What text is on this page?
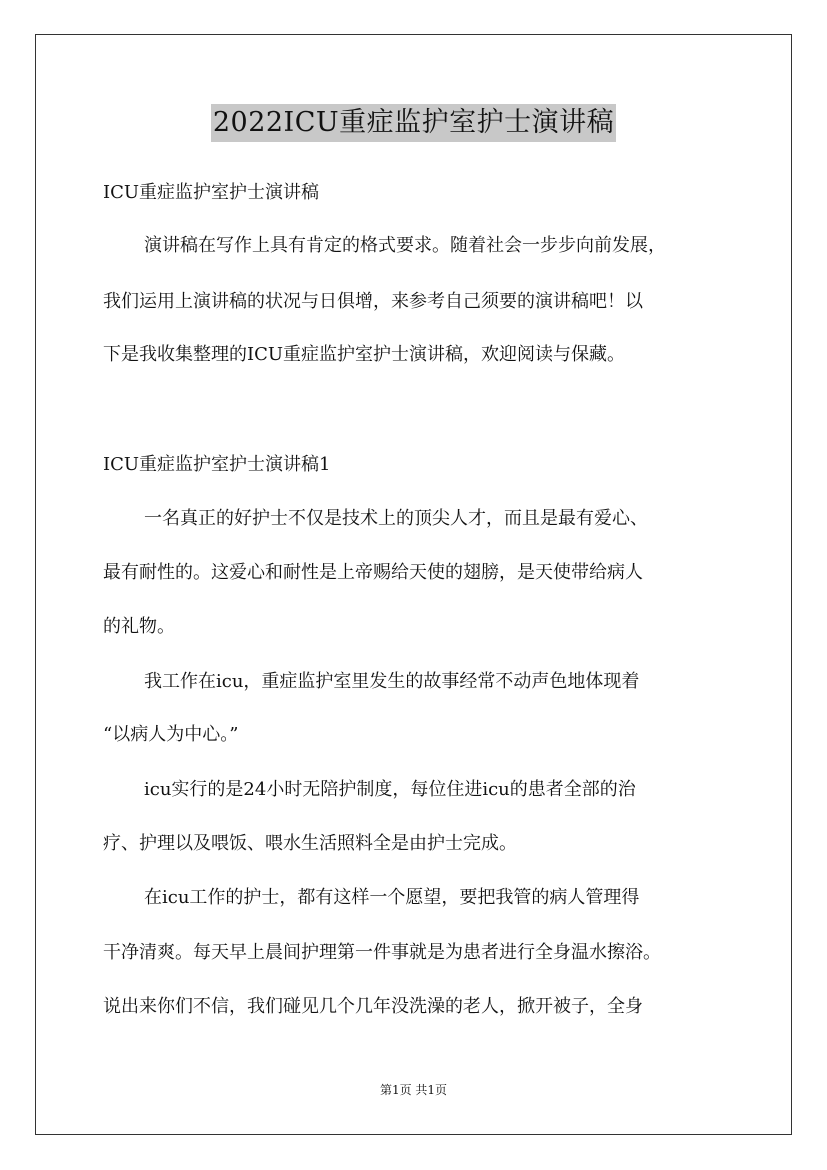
2022ICU重症监护室护士演讲稿
ICU重症监护室护士演讲稿
演讲稿在写作上具有肯定的格式要求。随着社会一步步向前发展，
我们运用上演讲稿的状况与日俱增，来参考自己须要的演讲稿吧！以
下是我收集整理的ICU重症监护室护士演讲稿，欢迎阅读与保藏。
ICU重症监护室护士演讲稿1
一名真正的好护士不仅是技术上的顶尖人才，而且是最有爱心、
最有耐性的。这爱心和耐性是上帝赐给天使的翅膀，是天使带给病人
的礼物。
我工作在icu，重症监护室里发生的故事经常不动声色地体现着
“以病人为中心。”
icu实行的是24小时无陪护制度，每位住进icu的患者全部的治
疗、护理以及喂饭、喂水生活照料全是由护士完成。
在icu工作的护士，都有这样一个愿望，要把我管的病人管理得
干净清爽。每天早上晨间护理第一件事就是为患者进行全身温水擦浴。
说出来你们不信，我们碰见几个几年没洗澡的老人，掀开被子，全身
第1页 共1页
